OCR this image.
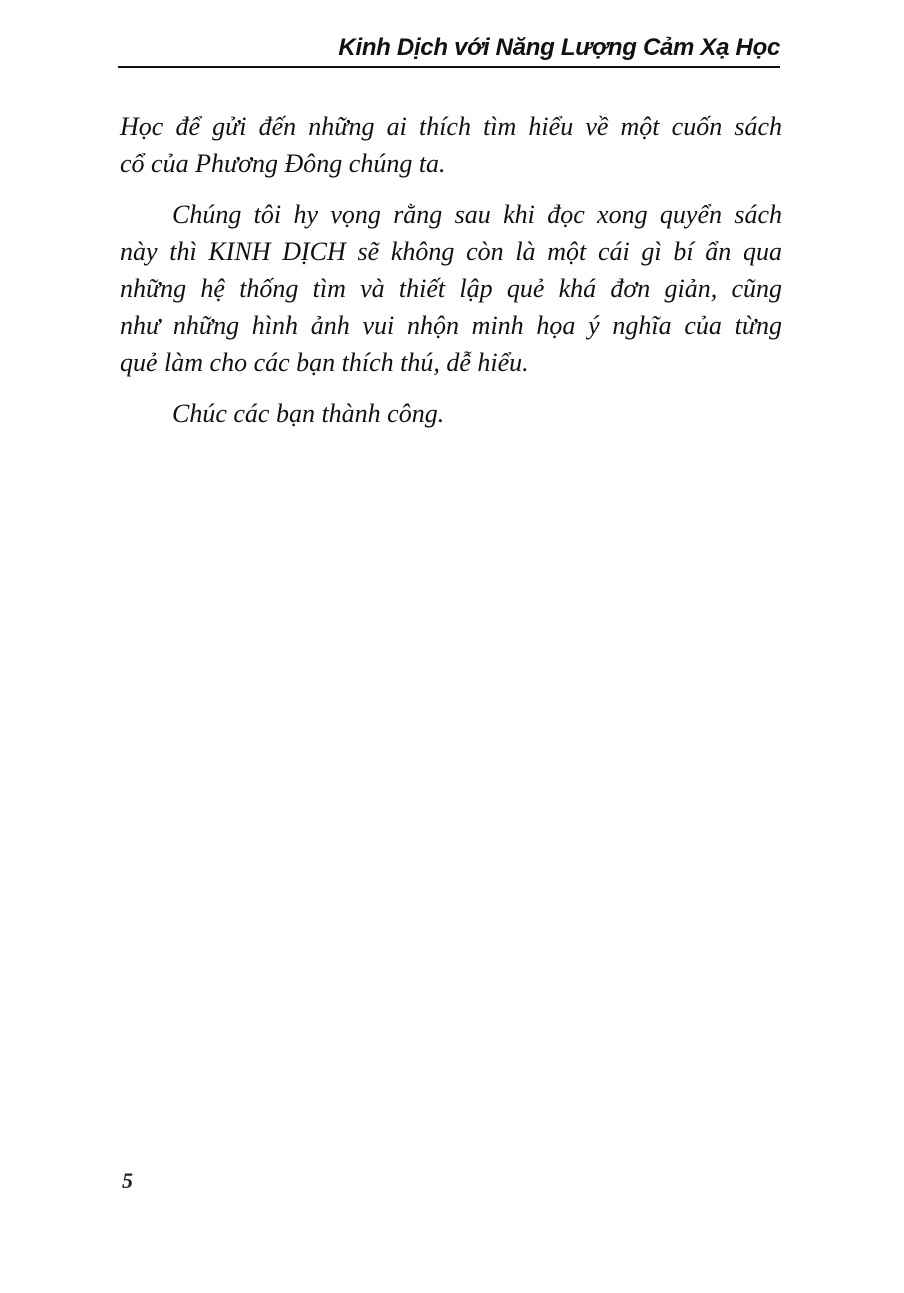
Kinh Dịch với Năng Lượng Cảm Xạ Học
Học để gửi đến những ai thích tìm hiểu về một cuốn sách
cổ của Phương Đông chúng ta.
Chúng tôi hy vọng rằng sau khi đọc xong quyển sách
này thì KINH DỊCH sẽ không còn là một cái gì bí ẩn qua
những hệ thống tìm và thiết lập quẻ khá đơn giản, cũng
như những hình ảnh vui nhộn minh họa ý nghĩa của từng
quẻ làm cho các bạn thích thú, dễ hiểu.
Chúc các bạn thành công.
5
